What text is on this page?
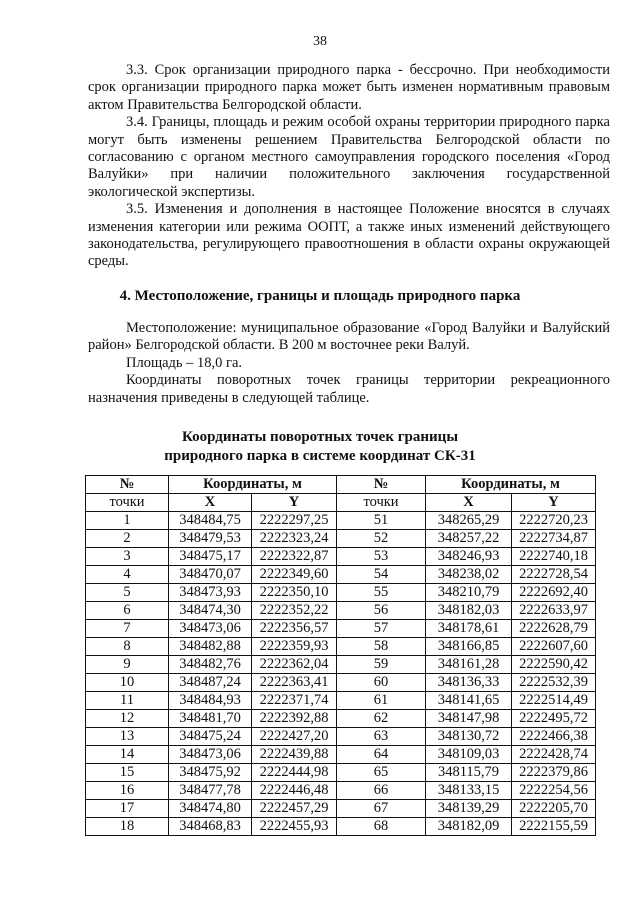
38

3.3. Срок организации природного парка - бессрочно. При необходимости срок организации природного парка может быть изменен нормативным правовым актом Правительства Белгородской области.

3.4. Границы, площадь и режим особой охраны территории природного парка могут быть изменены решением Правительства Белгородской области по согласованию с органом местного самоуправления городского поселения «Город Валуйки» при наличии положительного заключения государственной экологической экспертизы.

3.5. Изменения и дополнения в настоящее Положение вносятся в случаях изменения категории или режима ООПТ, а также иных изменений действующего законодательства, регулирующего правоотношения в области охраны окружающей среды.

4. Местоположение, границы и площадь природного парка

Местоположение: муниципальное образование «Город Валуйки и Валуйский район» Белгородской области. В 200 м восточнее реки Валуй.

Площадь – 18,0 га.

Координаты поворотных точек границы территории рекреационного назначения приведены в следующей таблице.

Координаты поворотных точек границы
природного парка в системе координат СК-31
№	Координаты, м		№	Координаты, м	
точки	X	Y	точки	X	Y
1	348484,75	2222297,25	51	348265,29	2222720,23
2	348479,53	2222323,24	52	348257,22	2222734,87
3	348475,17	2222322,87	53	348246,93	2222740,18
4	348470,07	2222349,60	54	348238,02	2222728,54
5	348473,93	2222350,10	55	348210,79	2222692,40
6	348474,30	2222352,22	56	348182,03	2222633,97
7	348473,06	2222356,57	57	348178,61	2222628,79
8	348482,88	2222359,93	58	348166,85	2222607,60
9	348482,76	2222362,04	59	348161,28	2222590,42
10	348487,24	2222363,41	60	348136,33	2222532,39
11	348484,93	2222371,74	61	348141,65	2222514,49
12	348481,70	2222392,88	62	348147,98	2222495,72
13	348475,24	2222427,20	63	348130,72	2222466,38
14	348473,06	2222439,88	64	348109,03	2222428,74
15	348475,92	2222444,98	65	348115,79	2222379,86
16	348477,78	2222446,48	66	348133,15	2222254,56
17	348474,80	2222457,29	67	348139,29	2222205,70
18	348468,83	2222455,93	68	348182,09	2222155,59
